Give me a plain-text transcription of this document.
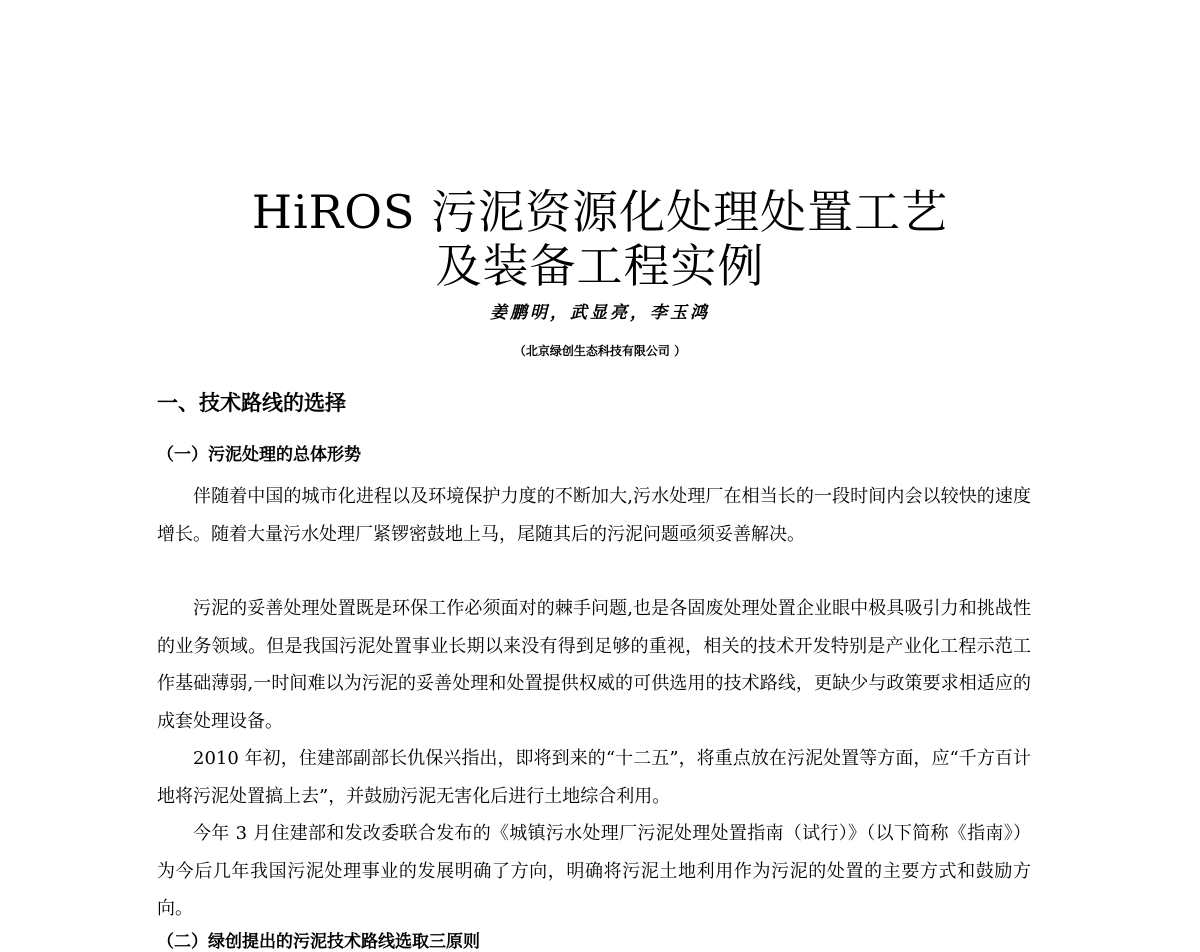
HiROS 污泥资源化处理处置工艺
及装备工程实例
姜鹏明，武显亮，李玉鸿
（北京绿创生态科技有限公司 ）
一、技术路线的选择
（一）污泥处理的总体形势

伴随着中国的城市化进程以及环境保护力度的不断加大,污水处理厂在相当长的一段时间内会以较快的速度增长。随着大量污水处理厂紧锣密鼓地上马，尾随其后的污泥问题亟须妥善解决。

污泥的妥善处理处置既是环保工作必须面对的棘手问题,也是各固废处理处置企业眼中极具吸引力和挑战性的业务领域。但是我国污泥处置事业长期以来没有得到足够的重视，相关的技术开发特别是产业化工程示范工作基础薄弱,一时间难以为污泥的妥善处理和处置提供权威的可供选用的技术路线，更缺少与政策要求相适应的成套处理设备。

2010 年初，住建部副部长仇保兴指出，即将到来的“十二五”，将重点放在污泥处置等方面，应“千方百计地将污泥处置搞上去”，并鼓励污泥无害化后进行土地综合利用。

今年 3 月住建部和发改委联合发布的《城镇污水处理厂污泥处理处置指南（试行）》（以下简称《指南》）为今后几年我国污泥处理事业的发展明确了方向，明确将污泥土地利用作为污泥的处置的主要方式和鼓励方向。

（二）绿创提出的污泥技术路线选取三原则
